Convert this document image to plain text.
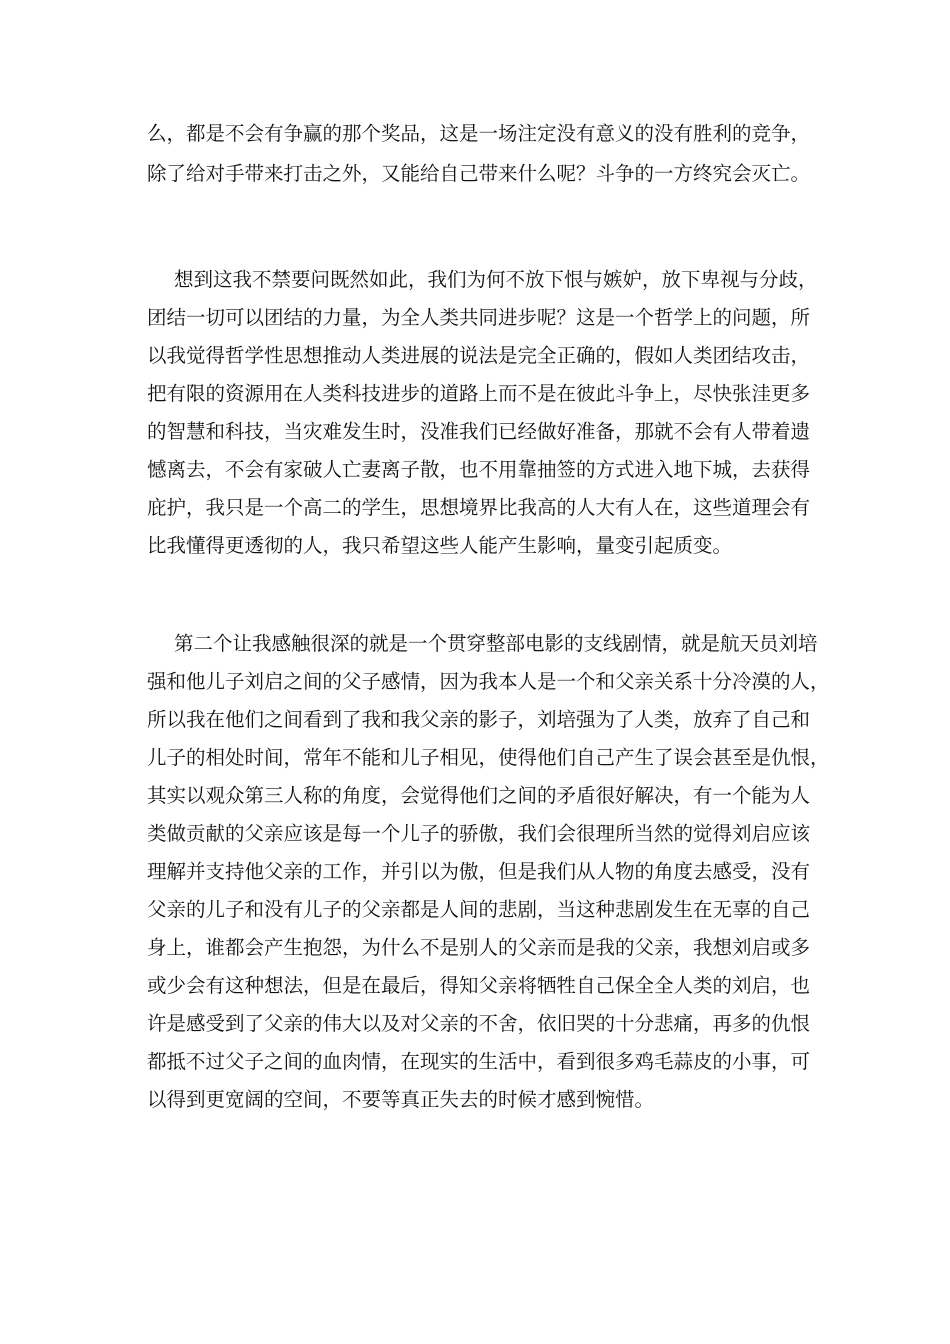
么，都是不会有争赢的那个奖品，这是一场注定没有意义的没有胜利的竞争，
除了给对手带来打击之外，又能给自己带来什么呢？斗争的一方终究会灭亡。
想到这我不禁要问既然如此，我们为何不放下恨与嫉妒，放下卑视与分歧，
团结一切可以团结的力量，为全人类共同进步呢？这是一个哲学上的问题，所
以我觉得哲学性思想推动人类进展的说法是完全正确的，假如人类团结攻击，
把有限的资源用在人类科技进步的道路上而不是在彼此斗争上，尽快张洼更多
的智慧和科技，当灾难发生时，没准我们已经做好准备，那就不会有人带着遗
憾离去，不会有家破人亡妻离子散，也不用靠抽签的方式进入地下城，去获得
庇护，我只是一个高二的学生，思想境界比我高的人大有人在，这些道理会有
比我懂得更透彻的人，我只希望这些人能产生影响，量变引起质变。
第二个让我感触很深的就是一个贯穿整部电影的支线剧情，就是航天员刘培
强和他儿子刘启之间的父子感情，因为我本人是一个和父亲关系十分冷漠的人，
所以我在他们之间看到了我和我父亲的影子，刘培强为了人类，放弃了自己和
儿子的相处时间，常年不能和儿子相见，使得他们自己产生了误会甚至是仇恨，
其实以观众第三人称的角度，会觉得他们之间的矛盾很好解决，有一个能为人
类做贡献的父亲应该是每一个儿子的骄傲，我们会很理所当然的觉得刘启应该
理解并支持他父亲的工作，并引以为傲，但是我们从人物的角度去感受，没有
父亲的儿子和没有儿子的父亲都是人间的悲剧，当这种悲剧发生在无辜的自己
身上，谁都会产生抱怨，为什么不是别人的父亲而是我的父亲，我想刘启或多
或少会有这种想法，但是在最后，得知父亲将牺牲自己保全全人类的刘启，也
许是感受到了父亲的伟大以及对父亲的不舍，依旧哭的十分悲痛，再多的仇恨
都抵不过父子之间的血肉情，在现实的生活中，看到很多鸡毛蒜皮的小事，可
以得到更宽阔的空间，不要等真正失去的时候才感到惋惜。
